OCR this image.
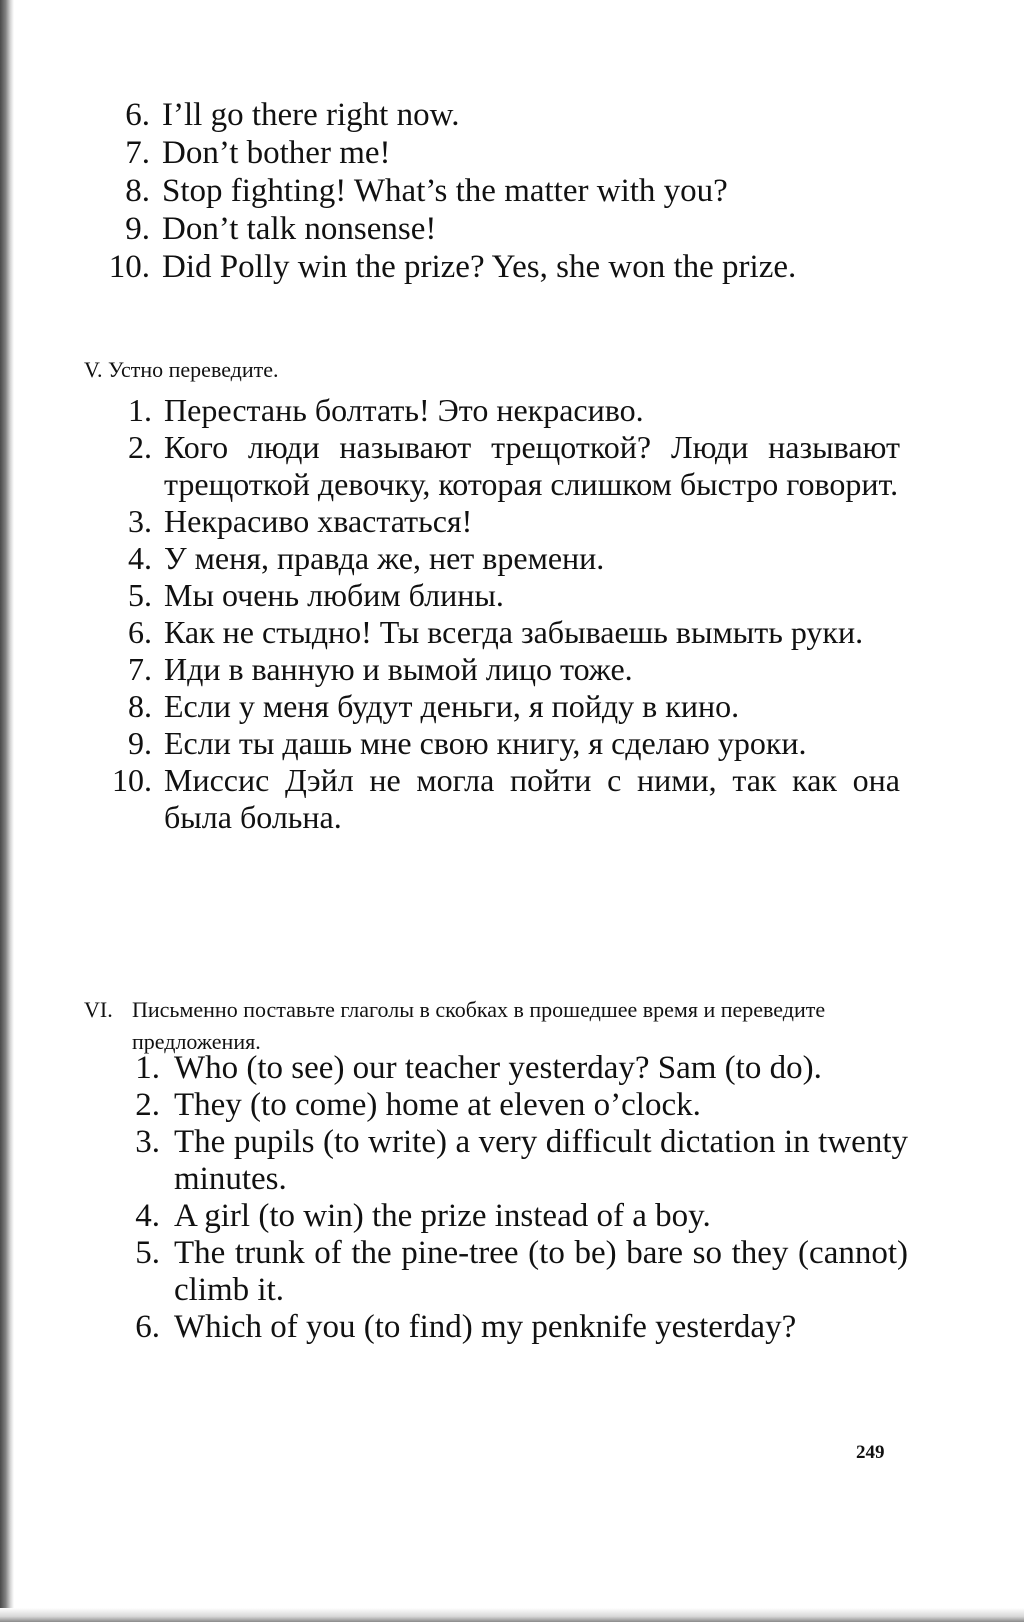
6. I’ll go there right now.
7. Don’t bother me!
8. Stop fighting! What’s the matter with you?
9. Don’t talk nonsense!
10. Did Polly win the prize? Yes, she won the prize.
V. Устно переведите.
1. Перестань болтать! Это некрасиво.
2. Кого люди называют трещоткой? Люди называют трещоткой девочку, которая слишком быстро говорит.
3. Некрасиво хвастаться!
4. У меня, правда же, нет времени.
5. Мы очень любим блины.
6. Как не стыдно! Ты всегда забываешь вымыть руки.
7. Иди в ванную и вымой лицо тоже.
8. Если у меня будут деньги, я пойду в кино.
9. Если ты дашь мне свою книгу, я сделаю уроки.
10. Миссис Дэйл не могла пойти с ними, так как она была больна.
VI. Письменно поставьте глаголы в скобках в прошедшее время и переведите предложения.
1. Who (to see) our teacher yesterday? Sam (to do).
2. They (to come) home at eleven o’clock.
3. The pupils (to write) a very difficult dictation in twenty minutes.
4. A girl (to win) the prize instead of a boy.
5. The trunk of the pine-tree (to be) bare so they (cannot) climb it.
6. Which of you (to find) my penknife yesterday?
249
